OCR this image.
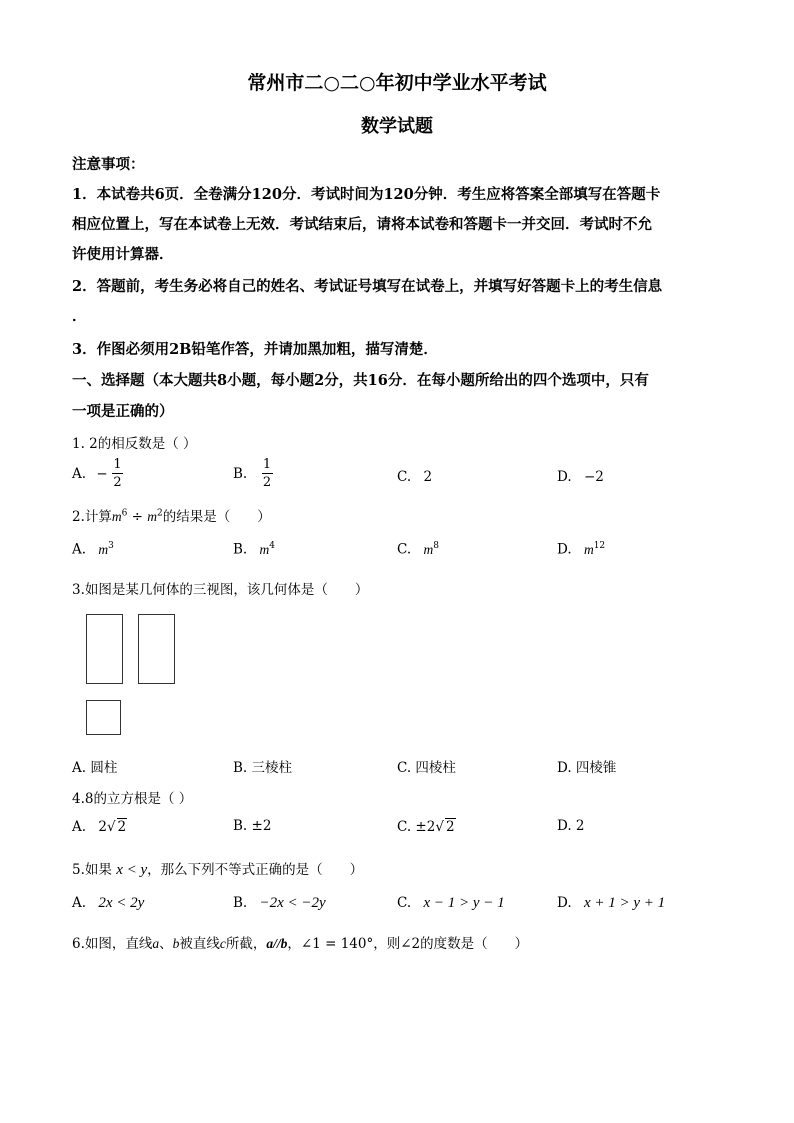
常州市二○二○年初中学业水平考试
数学试题
注意事项：
1．本试卷共6页．全卷满分120分．考试时间为120分钟．考生应将答案全部填写在答题卡
相应位置上，写在本试卷上无效．考试结束后，请将本试卷和答题卡一并交回．考试时不允
许使用计算器．
2．答题前，考生务必将自己的姓名、考试证号填写在试卷上，并填写好答题卡上的考生信息
．
3．作图必须用2B铅笔作答，并请加黑加粗，描写清楚．
一、选择题（本大题共8小题，每小题2分，共16分．在每小题所给出的四个选项中，只有
一项是正确的）
1. 2的相反数是（ ）
A. − $\frac{1}{2}$	B. $\frac{1}{2}$	C. 2	D. −2
2.计算$m^6 \div m^2$的结果是（　　）
A. $m^3$	B. $m^4$	C. $m^8$	D. $m^{12}$
3.如图是某几何体的三视图，该几何体是（　　）
A. 圆柱	B. 三棱柱	C. 四棱柱	D. 四棱锥
4.8的立方根是（ ）
A. 2√ 2	B. ±2	C. ±2√ 2	D. 2
5.如果 x < y，那么下列不等式正确的是（　　）
A. 2x < 2y	B. −2x < −2y	C. x − 1 > y − 1	D. x + 1 > y + 1
6.如图，直线a、b被直线c所截，a//b，∠1 = 140°，则∠2的度数是（　　）
